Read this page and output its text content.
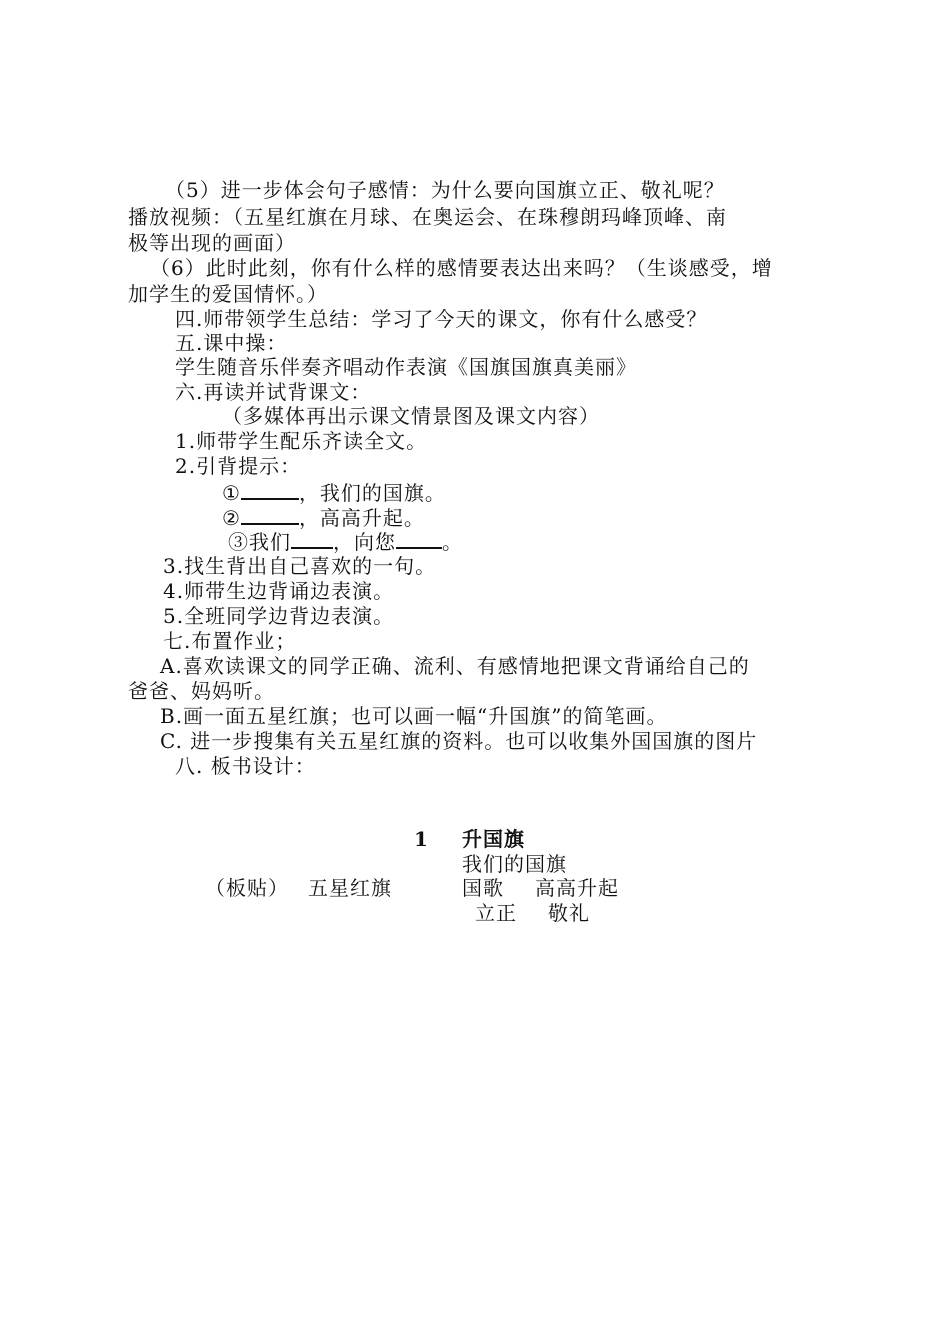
（5）进一步体会句子感情：为什么要向国旗立正、敬礼呢？
播放视频：（五星红旗在月球、在奥运会、在珠穆朗玛峰顶峰、南
极等出现的画面）
（6）此时此刻，你有什么样的感情要表达出来吗？（生谈感受，增
加学生的爱国情怀。）
四.师带领学生总结：学习了今天的课文，你有什么感受？
五.课中操：
学生随音乐伴奏齐唱动作表演《国旗国旗真美丽》
六.再读并试背课文：
（多媒体再出示课文情景图及课文内容）
1.师带学生配乐齐读全文。
2.引背提示：
①	，我们的国旗。
②	，高高升起。
③我们 ，向您 。
3.找生背出自己喜欢的一句。
4.师带生边背诵边表演。
5.全班同学边背边表演。
七.布置作业；
A.喜欢读课文的同学正确、流利、有感情地把课文背诵给自己的
爸爸、妈妈听。
B.画一面五星红旗；也可以画一幅“升国旗”的简笔画。
C. 进一步搜集有关五星红旗的资料。也可以收集外国国旗的图片
八. 板书设计：
1 升国旗
我们的国旗
（板贴） 五星红旗	国歌 高高升起
立正 敬礼
